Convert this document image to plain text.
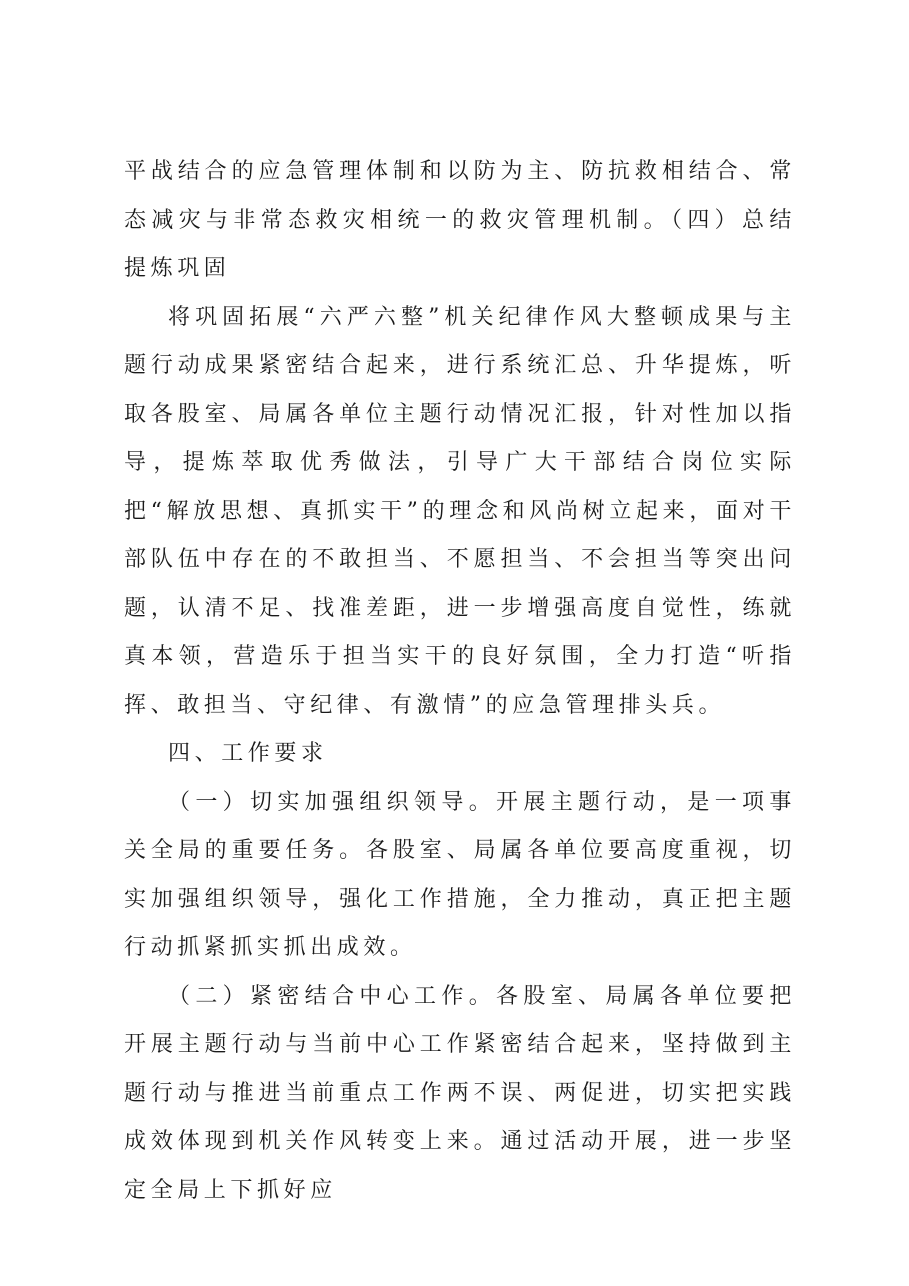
平战结合的应急管理体制和以防为主、防抗救相结合、常态减灾与非常态救灾相统一的救灾管理机制。（四）总结提炼巩固

将巩固拓展“六严六整”机关纪律作风大整顿成果与主题行动成果紧密结合起来，进行系统汇总、升华提炼，听取各股室、局属各单位主题行动情况汇报，针对性加以指导，提炼萃取优秀做法，引导广大干部结合岗位实际把“解放思想、真抓实干”的理念和风尚树立起来，面对干部队伍中存在的不敢担当、不愿担当、不会担当等突出问题，认清不足、找准差距，进一步增强高度自觉性，练就真本领，营造乐于担当实干的良好氛围，全力打造“听指挥、敢担当、守纪律、有激情”的应急管理排头兵。

四、工作要求

（一）切实加强组织领导。开展主题行动，是一项事关全局的重要任务。各股室、局属各单位要高度重视，切实加强组织领导，强化工作措施，全力推动，真正把主题行动抓紧抓实抓出成效。

（二）紧密结合中心工作。各股室、局属各单位要把开展主题行动与当前中心工作紧密结合起来，坚持做到主题行动与推进当前重点工作两不误、两促进，切实把实践成效体现到机关作风转变上来。通过活动开展，进一步坚定全局上下抓好应
